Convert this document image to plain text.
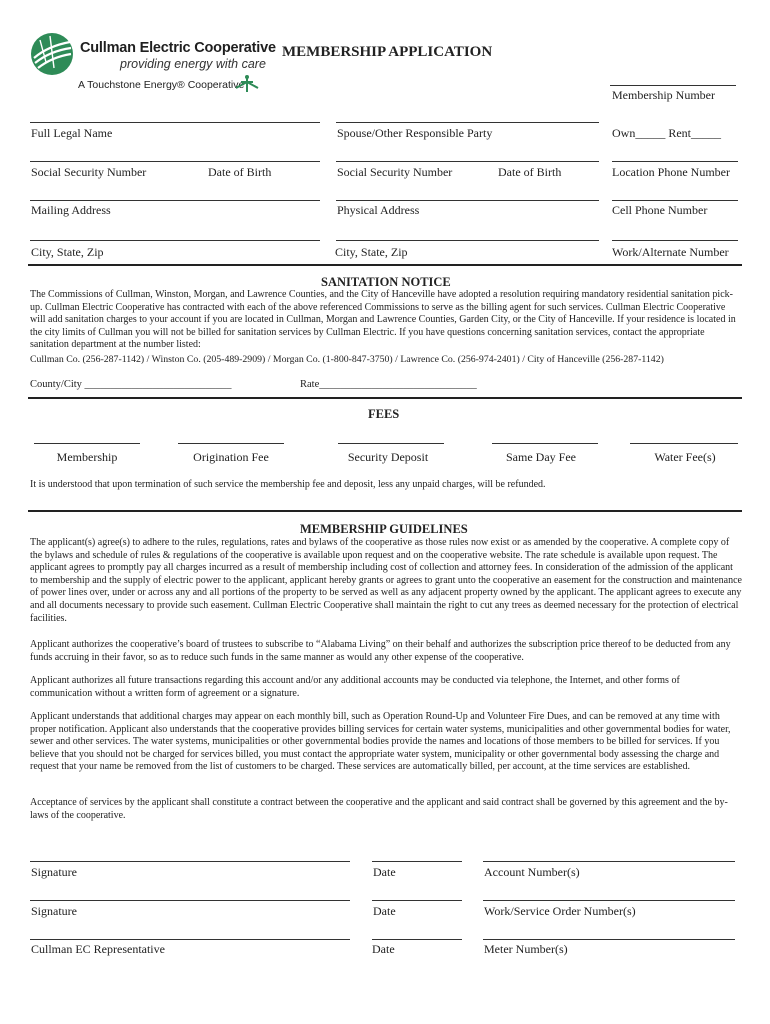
Cullman Electric Cooperative
providing energy with care
A Touchstone Energy® Cooperative
MEMBERSHIP APPLICATION
Membership Number
Full Legal Name	Spouse/Other Responsible Party	Own_____ Rent_____
Social Security Number	Date of Birth	Social Security Number	Date of Birth	Location Phone Number
Mailing Address	Physical Address	Cell Phone Number
City, State, Zip	City, State, Zip	Work/Alternate Number
SANITATION NOTICE
The Commissions of Cullman, Winston, Morgan, and Lawrence Counties, and the City of Hanceville have adopted a resolution requiring mandatory residential sanitation pick-up. Cullman Electric Cooperative has contracted with each of the above referenced Commissions to serve as the billing agent for such services. Cullman Electric Cooperative will add sanitation charges to your account if you are located in Cullman, Morgan and Lawrence Counties, Garden City, or the City of Hanceville. If your residence is located in the city limits of Cullman you will not be billed for sanitation services by Cullman Electric. If you have questions concerning sanitation services, contact the appropriate sanitation department at the number listed:
Cullman Co. (256-287-1142) / Winston Co. (205-489-2909) / Morgan Co. (1-800-847-3750) / Lawrence Co. (256-974-2401) / City of Hanceville (256-287-1142)
County/City ____________________________	Rate______________________________
FEES
Membership	Origination Fee	Security Deposit	Same Day Fee	Water Fee(s)
It is understood that upon termination of such service the membership fee and deposit, less any unpaid charges, will be refunded.
MEMBERSHIP GUIDELINES
The applicant(s) agree(s) to adhere to the rules, regulations, rates and bylaws of the cooperative as those rules now exist or as amended by the cooperative. A complete copy of the bylaws and schedule of rules & regulations of the cooperative is available upon request and on the cooperative website. The rate schedule is available upon request. The applicant agrees to promptly pay all charges incurred as a result of membership including cost of collection and attorney fees. In consideration of the admission of the applicant to membership and the supply of electric power to the applicant, applicant hereby grants or agrees to grant unto the cooperative an easement for the construction and maintenance of power lines over, under or across any and all portions of the property to be served as well as any adjacent property owned by the applicant. The applicant agrees to execute any and all documents necessary to provide such easement. Cullman Electric Cooperative shall maintain the right to cut any trees as deemed necessary for the protection of electrical facilities.
Applicant authorizes the cooperative’s board of trustees to subscribe to “Alabama Living” on their behalf and authorizes the subscription price thereof to be deducted from any funds accruing in their favor, so as to reduce such funds in the same manner as would any other expense of the cooperative.
Applicant authorizes all future transactions regarding this account and/or any additional accounts may be conducted via telephone, the Internet, and other forms of communication without a written form of agreement or a signature.
Applicant understands that additional charges may appear on each monthly bill, such as Operation Round-Up and Volunteer Fire Dues, and can be removed at any time with proper notification. Applicant also understands that the cooperative provides billing services for certain water systems, municipalities and other governmental bodies for water, sewer and other services. The water systems, municipalities or other governmental bodies provide the names and locations of those members to be billed for services. If you believe that you should not be charged for services billed, you must contact the appropriate water system, municipality or other governmental body assessing the charge and request that your name be removed from the list of customers to be charged. These services are automatically billed, per account, at the time services are established.
Acceptance of services by the applicant shall constitute a contract between the cooperative and the applicant and said contract shall be governed by this agreement and the by-laws of the cooperative.
Signature	Date	Account Number(s)
Signature	Date	Work/Service Order Number(s)
Cullman EC Representative	Date	Meter Number(s)
